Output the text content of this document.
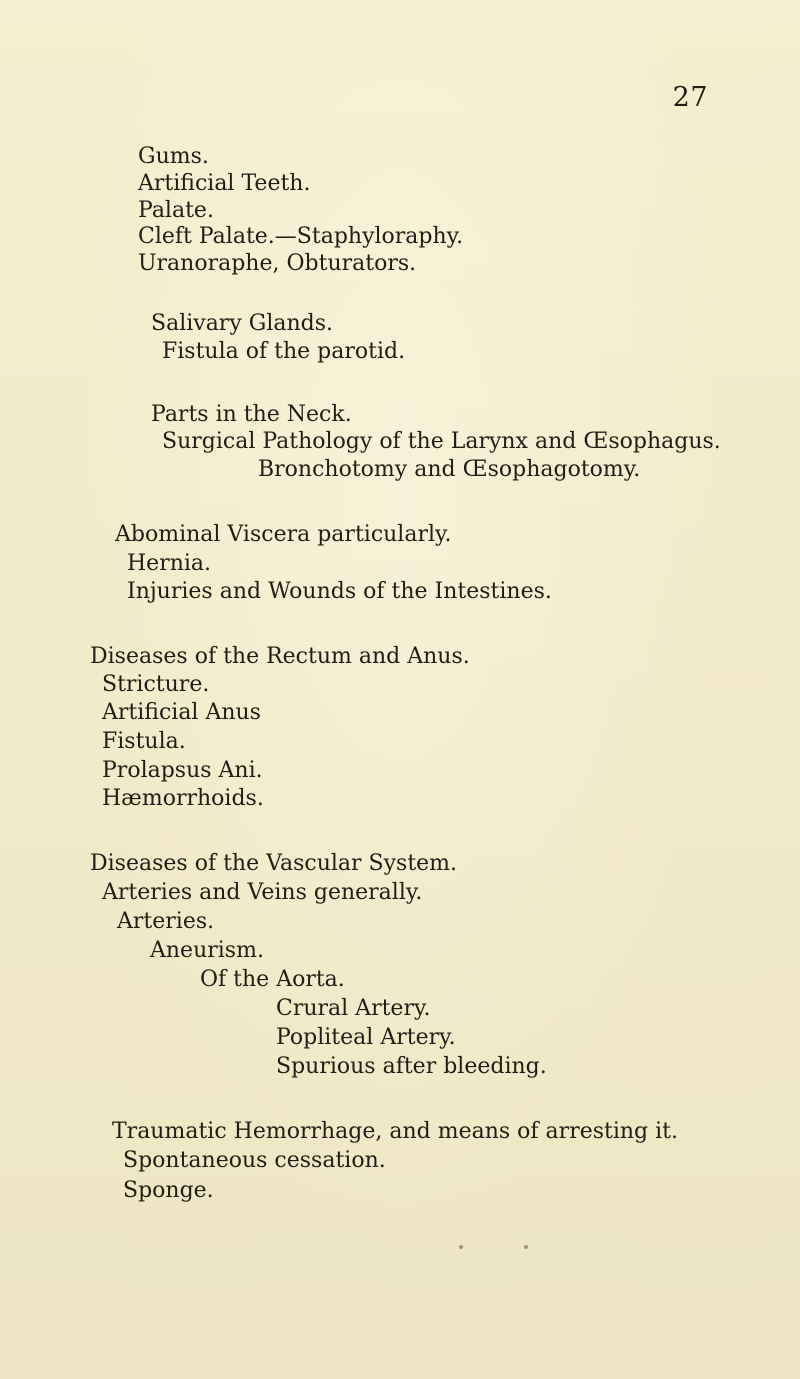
27
Gums.
Artificial Teeth.
Palate.
Cleft Palate.—Staphyloraphy.
Uranoraphe, Obturators.
Salivary Glands.
Fistula of the parotid.
Parts in the Neck.
Surgical Pathology of the Larynx and Œsophagus.
Bronchotomy and Œsophagotomy.
Abominal Viscera particularly.
Hernia.
Injuries and Wounds of the Intestines.
Diseases of the Rectum and Anus.
Stricture.
Artificial Anus
Fistula.
Prolapsus Ani.
Hæmorrhoids.
Diseases of the Vascular System.
Arteries and Veins generally.
Arteries.
Aneurism.
Of the Aorta.
Crural Artery.
Popliteal Artery.
Spurious after bleeding.
Traumatic Hemorrhage, and means of arresting it.
Spontaneous cessation.
Sponge.
